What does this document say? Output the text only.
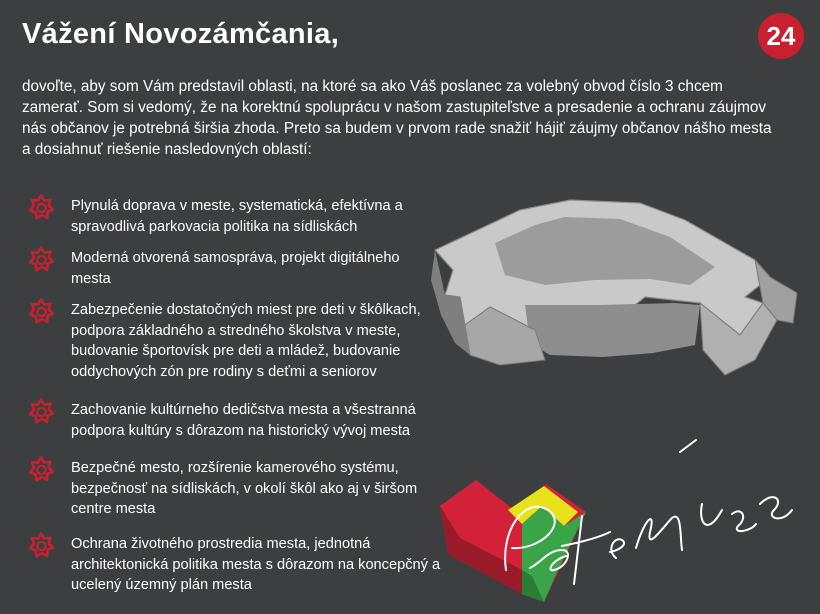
Vážení Novozámčania,	24
dovoľte, aby som Vám predstavil oblasti, na ktoré sa ako Váš poslanec za volebný obvod číslo 3 chcem zamerať. Som si vedomý, že na korektnú spoluprácu v našom zastupiteľstve a presadenie a ochranu záujmov nás občanov je potrebná širšia zhoda. Preto sa budem v prvom rade snažiť hájiť záujmy občanov nášho mesta a dosiahnuť riešenie nasledovných oblastí:
Plynulá doprava v meste, systematická, efektívna a spravodlivá parkovacia politika na sídliskách
Moderná otvorená samospráva, projekt digitálneho mesta
Zabezpečenie dostatočných miest pre deti v škôlkach, podpora základného a stredného školstva v meste, budovanie športovísk pre deti a mládež, budovanie oddychových zón pre rodiny s deťmi a seniorov
Zachovanie kultúrneho dedičstva mesta a všestranná podpora kultúry s dôrazom na historický vývoj mesta
Bezpečné mesto, rozšírenie kamerového systému, bezpečnosť na sídliskách, v okolí škôl ako aj v širšom centre mesta
Ochrana životného prostredia mesta, jednotná architektonická politika mesta s dôrazom na koncepčný a ucelený územný plán mesta
